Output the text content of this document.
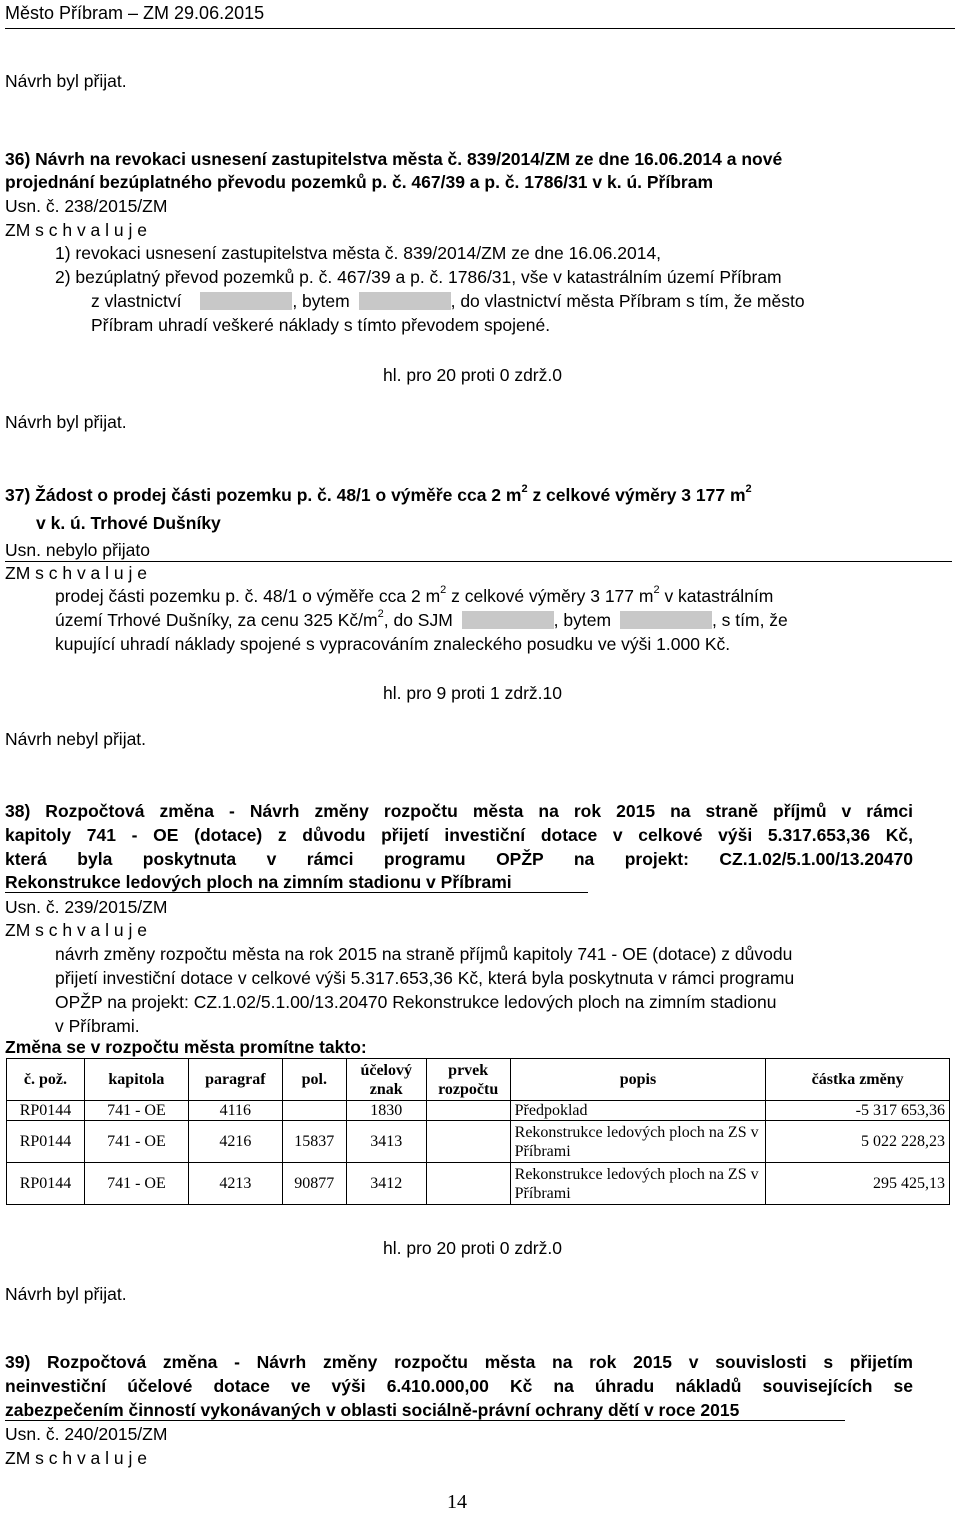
Město Příbram – ZM 29.06.2015
Návrh byl přijat.
36) Návrh na revokaci usnesení zastupitelstva města č. 839/2014/ZM ze dne 16.06.2014 a nové
projednání bezúplatného převodu pozemků p. č. 467/39 a p. č. 1786/31 v k. ú. Příbram
Usn. č. 238/2015/ZM
ZM s c h v a l u j e
1) revokaci usnesení zastupitelstva města č. 839/2014/ZM ze dne 16.06.2014,
2) bezúplatný převod pozemků p. č. 467/39 a p. č. 1786/31, vše v katastrálním území Příbram
z vlastnictví	, bytem	, do vlastnictví města Příbram s tím, že město
Příbram uhradí veškeré náklady s tímto převodem spojené.
hl. pro 20 proti 0 zdrž.0
Návrh byl přijat.
37) Žádost o prodej části pozemku p. č. 48/1 o výměře cca 2 $m^2$ z celkové výměry 3 177 $m^2$
v k. ú. Trhové Dušníky
Usn. nebylo přijato
ZM s c h v a l u j e
prodej části pozemku p. č. 48/1 o výměře cca 2 $m^2$ z celkové výměry 3 177 $m^2$ v katastrálním
území Trhové Dušníky, za cenu 325 $Kč/m^2$, do SJM	, bytem	, s tím, že
kupující uhradí náklady spojené s vypracováním znaleckého posudku ve výši 1.000 Kč.
hl. pro 9 proti 1 zdrž.10
Návrh nebyl přijat.
38) Rozpočtová změna - Návrh změny rozpočtu města na rok 2015 na straně příjmů v rámci
kapitoly 741 - OE (dotace) z důvodu přijetí investiční dotace v celkové výši 5.317.653,36 Kč,
která byla poskytnuta v rámci programu OPŽP na projekt: CZ.1.02/5.1.00/13.20470
Rekonstrukce ledových ploch na zimním stadionu v Příbrami
Usn. č. 239/2015/ZM
ZM s c h v a l u j e
návrh změny rozpočtu města na rok 2015 na straně příjmů kapitoly 741 - OE (dotace) z důvodu
přijetí investiční dotace v celkové výši 5.317.653,36 Kč, která byla poskytnuta v rámci programu
OPŽP na projekt: CZ.1.02/5.1.00/13.20470 Rekonstrukce ledových ploch na zimním stadionu
v Příbrami.
Změna se v rozpočtu města promítne takto:
č. pož.	kapitola	paragraf	pol.	účelový znak	prvek rozpočtu	popis	částka změny
RP0144	741 - OE	4116		1830		Předpoklad	-5 317 653,36
RP0144	741 - OE	4216	15837	3413		Rekonstrukce ledových ploch na ZS v Příbrami	5 022 228,23
RP0144	741 - OE	4213	90877	3412		Rekonstrukce ledových ploch na ZS v Příbrami	295 425,13
hl. pro 20 proti 0 zdrž.0
Návrh byl přijat.
39) Rozpočtová změna - Návrh změny rozpočtu města na rok 2015 v souvislosti s přijetím
neinvestiční účelové dotace ve výši 6.410.000,00 Kč na úhradu nákladů souvisejících se
zabezpečením činností vykonávaných v oblasti sociálně-právní ochrany dětí v roce 2015
Usn. č. 240/2015/ZM
ZM s c h v a l u j e
14
